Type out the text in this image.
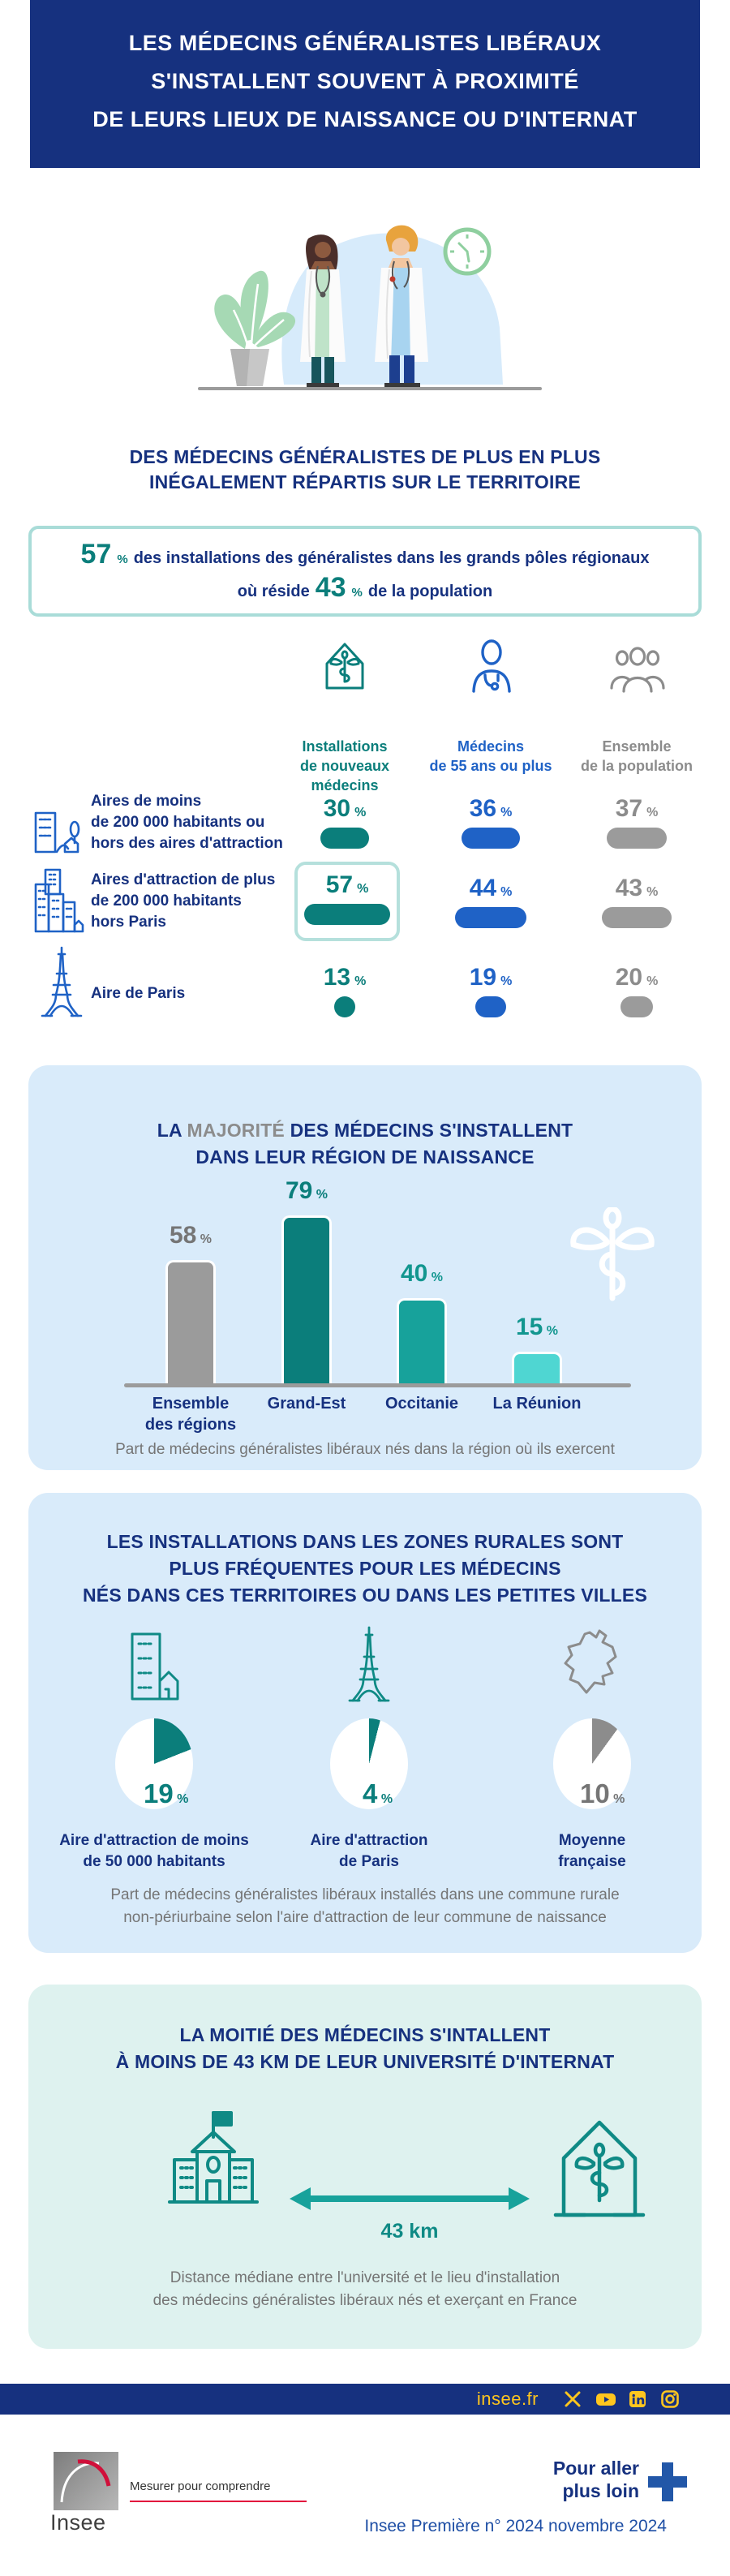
LES MÉDECINS GÉNÉRALISTES LIBÉRAUX
S'INSTALLENT SOUVENT À PROXIMITÉ
DE LEURS LIEUX DE NAISSANCE OU D'INTERNAT
DES MÉDECINS GÉNÉRALISTES DE PLUS EN PLUS
INÉGALEMENT RÉPARTIS SUR LE TERRITOIRE
57 % des installations des généralistes dans les grands pôles régionaux
où réside 43 % de la population
Installations
de nouveaux
médecins
Médecins
de 55 ans ou plus
Ensemble
de la population
Aires de moins
de 200 000 habitants ou
hors des aires d'attraction
30 %	36 %	37 %
Aires d'attraction de plus
de 200 000 habitants
hors Paris
57 %	44 %	43 %
Aire de Paris
13 %	19 %	20 %
LA MAJORITÉ DES MÉDECINS S'INSTALLENT
DANS LEUR RÉGION DE NAISSANCE
58 %
79 %
40 %
15 %
Ensemble
des régions
Grand-Est	Occitanie	La Réunion
Part de médecins généralistes libéraux nés dans la région où ils exercent
LES INSTALLATIONS DANS LES ZONES RURALES SONT
PLUS FRÉQUENTES POUR LES MÉDECINS
NÉS DANS CES TERRITOIRES OU DANS LES PETITES VILLES
19 %
Aire d'attraction de moins
de 50 000 habitants
4 %
Aire d'attraction
de Paris
10 %
Moyenne
française
Part de médecins généralistes libéraux installés dans une commune rurale
non-périurbaine selon l'aire d'attraction de leur commune de naissance
LA MOITIÉ DES MÉDECINS S'INTALLENT
À MOINS DE 43 KM DE LEUR UNIVERSITÉ D'INTERNAT
43 km
Distance médiane entre l'université et le lieu d'installation
des médecins généralistes libéraux nés et exerçant en France
insee.fr
Insee
Mesurer pour comprendre
Pour aller
plus loin
Insee Première n° 2024 novembre 2024
